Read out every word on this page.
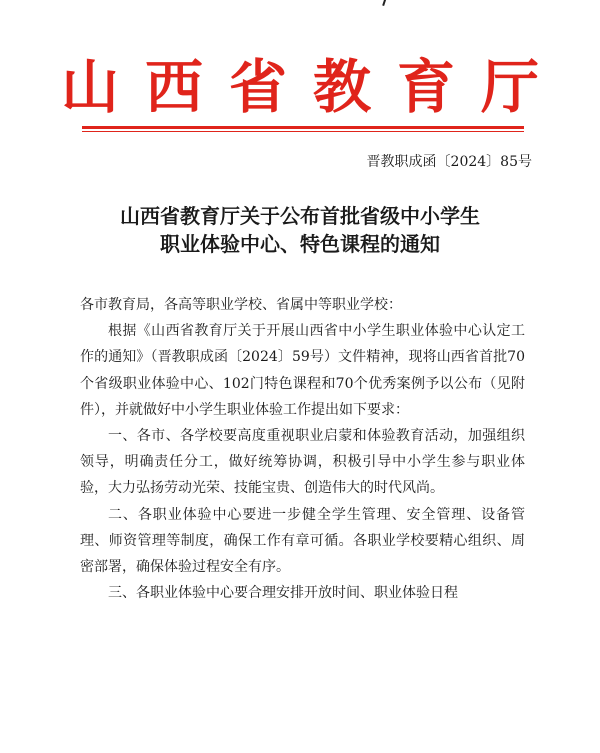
山西省教育厅
晋教职成函〔2024〕85号
山西省教育厅关于公布首批省级中小学生
职业体验中心、特色课程的通知

各市教育局，各高等职业学校、省属中等职业学校：

根据《山西省教育厅关于开展山西省中小学生职业体验中心认定工作的通知》（晋教职成函〔2024〕59号）文件精神，现将山西省首批70个省级职业体验中心、102门特色课程和70个优秀案例予以公布（见附件），并就做好中小学生职业体验工作提出如下要求：

一、各市、各学校要高度重视职业启蒙和体验教育活动，加强组织领导，明确责任分工，做好统筹协调，积极引导中小学生参与职业体验，大力弘扬劳动光荣、技能宝贵、创造伟大的时代风尚。

二、各职业体验中心要进一步健全学生管理、安全管理、设备管理、师资管理等制度，确保工作有章可循。各职业学校要精心组织、周密部署，确保体验过程安全有序。

三、各职业体验中心要合理安排开放时间、职业体验日程
